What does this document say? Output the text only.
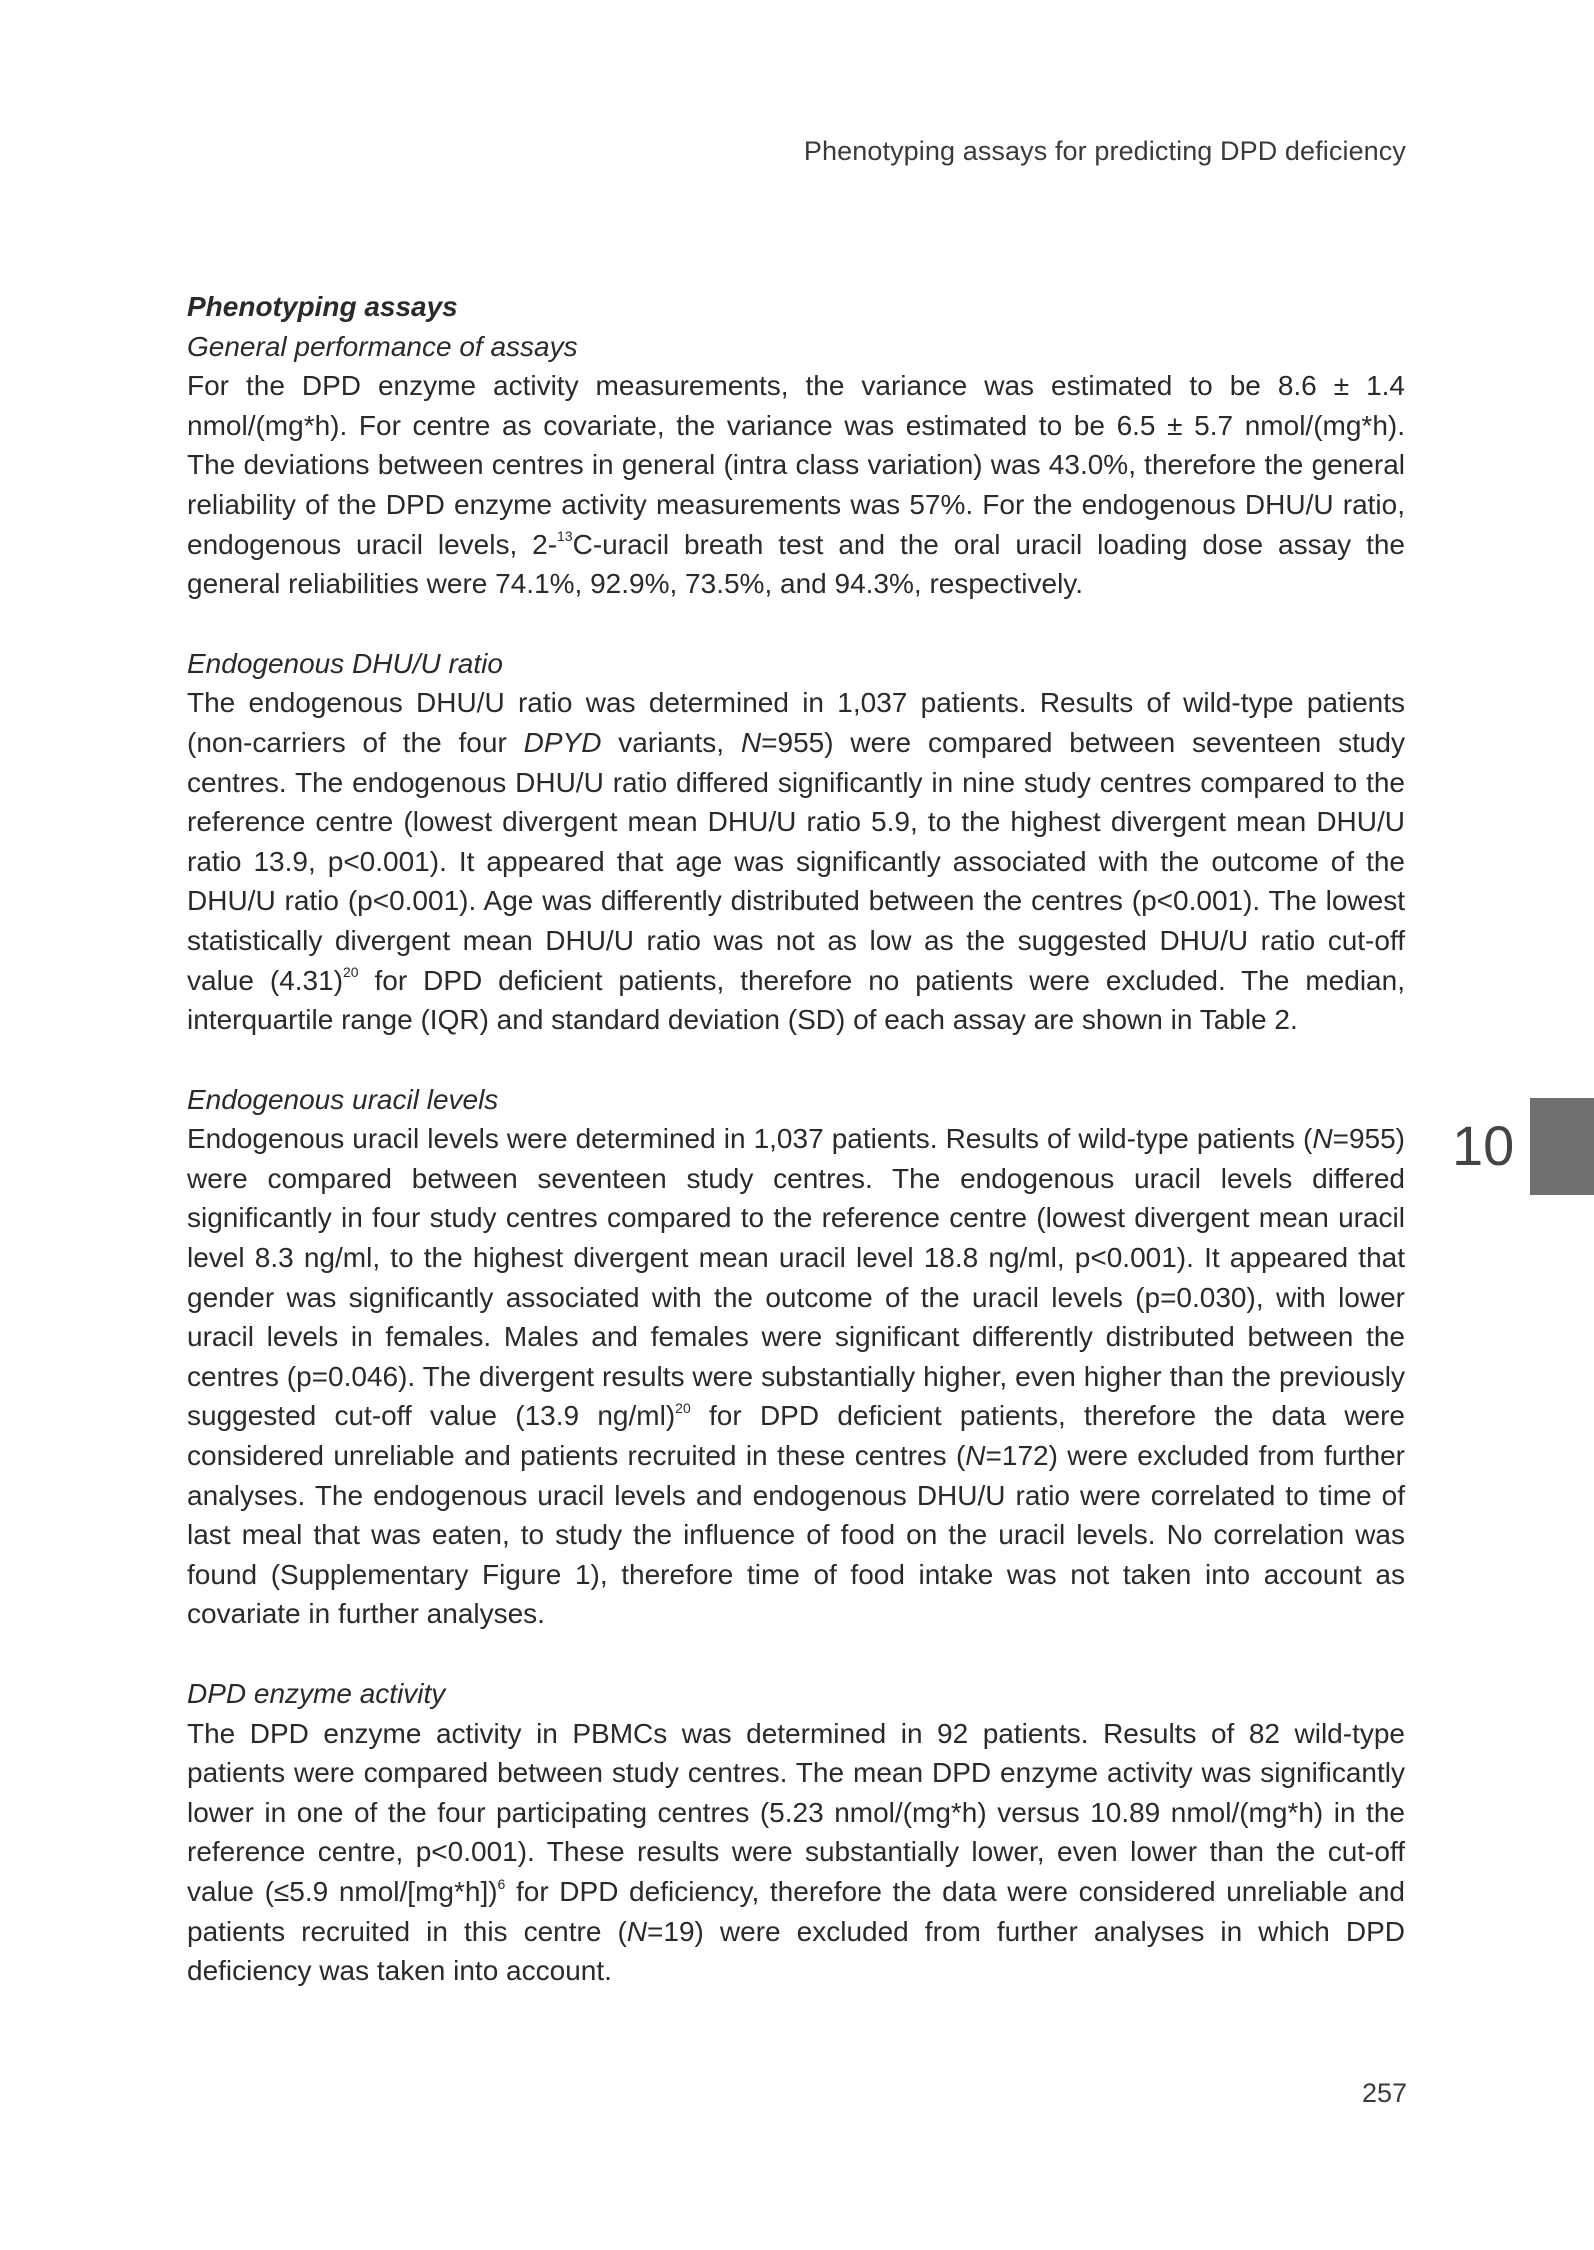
Phenotyping assays for predicting DPD deficiency
Phenotyping assays
General performance of assays

For the DPD enzyme activity measurements, the variance was estimated to be 8.6 ± 1.4 nmol/(mg*h). For centre as covariate, the variance was estimated to be 6.5 ± 5.7 nmol/(mg*h). The deviations between centres in general (intra class variation) was 43.0%, therefore the general reliability of the DPD enzyme activity measurements was 57%. For the endogenous DHU/U ratio, endogenous uracil levels, 2-$^{13}$C-uracil breath test and the oral uracil loading dose assay the general reliabilities were 74.1%, 92.9%, 73.5%, and 94.3%, respectively.

Endogenous DHU/U ratio

The endogenous DHU/U ratio was determined in 1,037 patients. Results of wild-type patients (non-carriers of the four DPYD variants, N=955) were compared between seventeen study centres. The endogenous DHU/U ratio differed significantly in nine study centres compared to the reference centre (lowest divergent mean DHU/U ratio 5.9, to the highest divergent mean DHU/U ratio 13.9, p<0.001). It appeared that age was significantly associated with the outcome of the DHU/U ratio (p<0.001). Age was differently distributed between the centres (p<0.001). The lowest statistically divergent mean DHU/U ratio was not as low as the suggested DHU/U ratio cut-off value $(4.31)^{20}$ for DPD deficient patients, therefore no patients were excluded. The median, interquartile range (IQR) and standard deviation (SD) of each assay are shown in Table 2.

Endogenous uracil levels

Endogenous uracil levels were determined in 1,037 patients. Results of wild-type patients (N=955) were compared between seventeen study centres. The endogenous uracil levels differed significantly in four study centres compared to the reference centre (lowest divergent mean uracil level 8.3 ng/ml, to the highest divergent mean uracil level 18.8 ng/ml, p<0.001). It appeared that gender was significantly associated with the outcome of the uracil levels (p=0.030), with lower uracil levels in females. Males and females were significant differently distributed between the centres (p=0.046). The divergent results were substantially higher, even higher than the previously suggested cut-off value (13.9 ng/ml)$^{20}$ for DPD deficient patients, therefore the data were considered unreliable and patients recruited in these centres (N=172) were excluded from further analyses. The endogenous uracil levels and endogenous DHU/U ratio were correlated to time of last meal that was eaten, to study the influence of food on the uracil levels. No correlation was found (Supplementary Figure 1), therefore time of food intake was not taken into account as covariate in further analyses.

DPD enzyme activity

The DPD enzyme activity in PBMCs was determined in 92 patients. Results of 82 wild-type patients were compared between study centres. The mean DPD enzyme activity was significantly lower in one of the four participating centres (5.23 nmol/(mg*h) versus 10.89 nmol/(mg*h) in the reference centre, p<0.001). These results were substantially lower, even lower than the cut-off value (≤5.9 nmol/[mg*h])$^6$ for DPD deficiency, therefore the data were considered unreliable and patients recruited in this centre (N=19) were excluded from further analyses in which DPD deficiency was taken into account.

10
257
